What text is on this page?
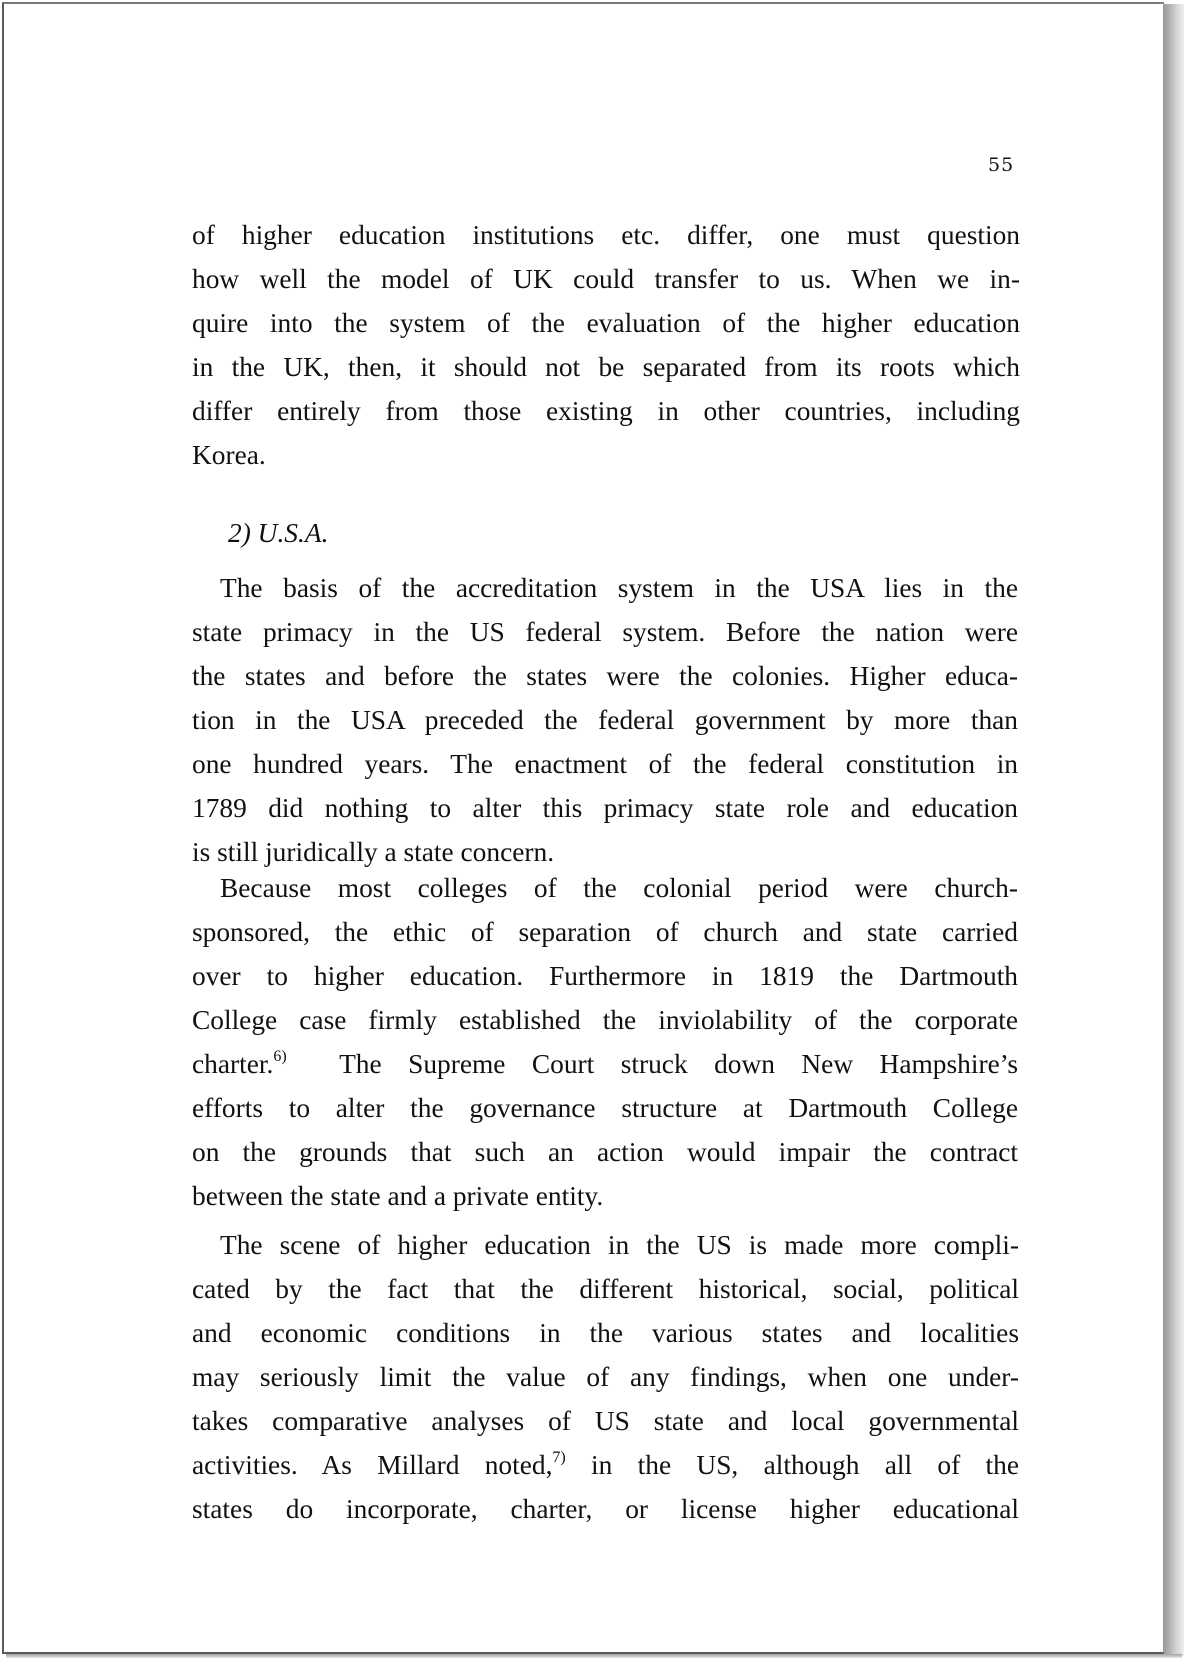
55
of higher education institutions etc. differ, one must question
how well the model of UK could transfer to us. When we in-
quire into the system of the evaluation of the higher education
in the UK, then, it should not be separated from its roots which
differ entirely from those existing in other countries, including
Korea.
2) U.S.A.
The basis of the accreditation system in the USA lies in the
state primacy in the US federal system. Before the nation were
the states and before the states were the colonies. Higher educa-
tion in the USA preceded the federal government by more than
one hundred years. The enactment of the federal constitution in
1789 did nothing to alter this primacy state role and education
is still juridically a state concern.
Because most colleges of the colonial period were church-
sponsored, the ethic of separation of church and state carried
over to higher education. Furthermore in 1819 the Dartmouth
College case firmly established the inviolability of the corporate
charter.$^{6)}$  The Supreme Court struck down New Hampshire’s
efforts to alter the governance structure at Dartmouth College
on the grounds that such an action would impair the contract
between the state and a private entity.
The scene of higher education in the US is made more compli-
cated by the fact that the different historical, social, political
and economic conditions in the various states and localities
may seriously limit the value of any findings, when one under-
takes comparative analyses of US state and local governmental
activities. As Millard noted,$^{7)}$ in the US, although all of the
states do incorporate, charter, or license higher educational
